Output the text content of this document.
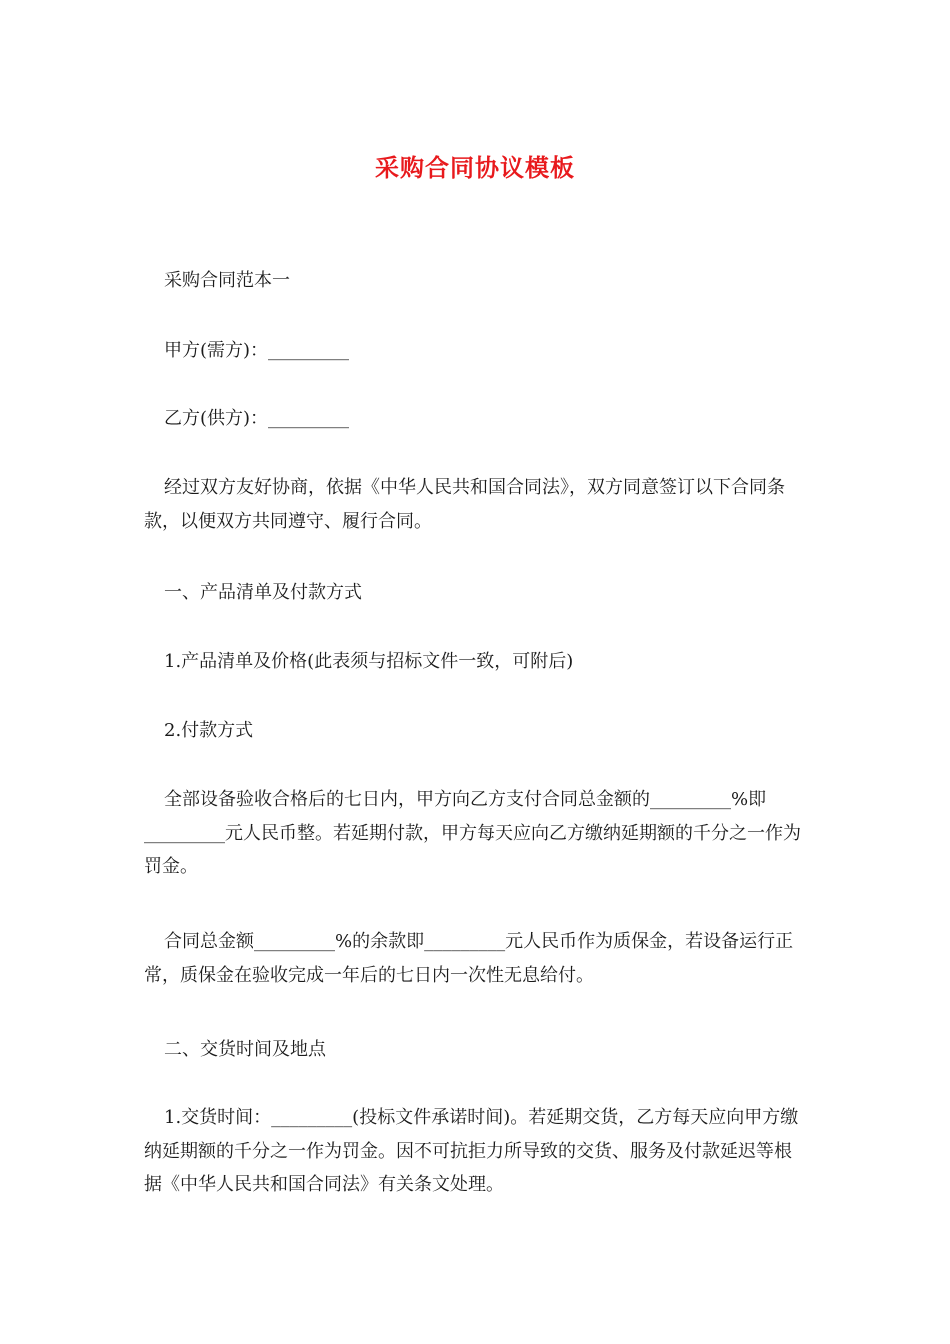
采购合同协议模板

采购合同范本一

甲方(需方)：_________

乙方(供方)：_________

经过双方友好协商，依据《中华人民共和国合同法》，双方同意签订以下合同条款，以便双方共同遵守、履行合同。

一、产品清单及付款方式

1.产品清单及价格(此表须与招标文件一致，可附后)

2.付款方式

全部设备验收合格后的七日内，甲方向乙方支付合同总金额的_________%即_________元人民币整。若延期付款，甲方每天应向乙方缴纳延期额的千分之一作为罚金。

合同总金额_________%的余款即_________元人民币作为质保金，若设备运行正常，质保金在验收完成一年后的七日内一次性无息给付。

二、交货时间及地点

1.交货时间：_________(投标文件承诺时间)。若延期交货，乙方每天应向甲方缴纳延期额的千分之一作为罚金。因不可抗拒力所导致的交货、服务及付款延迟等根据《中华人民共和国合同法》有关条文处理。
